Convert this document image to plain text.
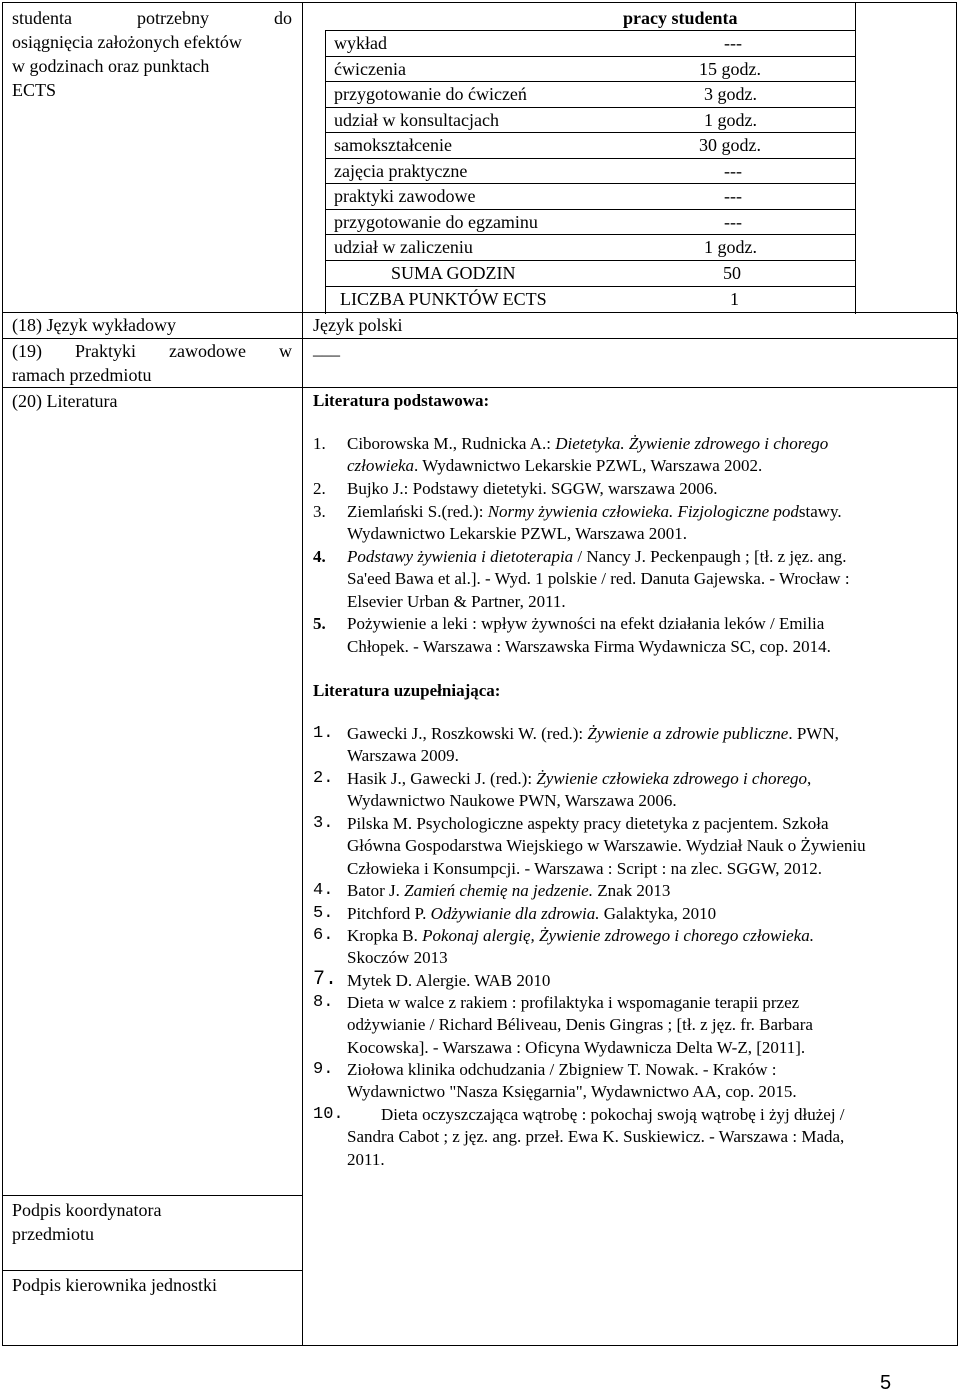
studenta	potrzebny	do
osiągnięcia założonych efektów
w godzinach oraz punktach
ECTS
pracy studenta
wykład	---
ćwiczenia	15 godz.
przygotowanie do ćwiczeń	3 godz.
udział w konsultacjach	1 godz.
samokształcenie	30 godz.
zajęcia praktyczne	---
praktyki zawodowe	---
przygotowanie do egzaminu	---
udział w zaliczeniu	1 godz.
SUMA GODZIN	50
LICZBA PUNKTÓW ECTS	1
(18) Język wykładowy	Język polski
(19) Praktyki zawodowe w
ramach przedmiotu
___
(20) Literatura	Literatura podstawowa:
1. Ciborowska M., Rudnicka A.: Dietetyka. Żywienie zdrowego i chorego
człowieka. Wydawnictwo Lekarskie PZWL, Warszawa 2002.
2. Bujko J.: Podstawy dietetyki. SGGW, warszawa 2006.
3. Ziemlański S.(red.): Normy żywienia człowieka. Fizjologiczne podstawy.
Wydawnictwo Lekarskie PZWL, Warszawa 2001.
4. Podstawy żywienia i dietoterapia / Nancy J. Peckenpaugh ; [tł. z jęz. ang.
Sa'eed Bawa et al.]. - Wyd. 1 polskie / red. Danuta Gajewska. - Wrocław :
Elsevier Urban & Partner, 2011.
5. Pożywienie a leki : wpływ żywności na efekt działania leków / Emilia
Chłopek. - Warszawa : Warszawska Firma Wydawnicza SC, cop. 2014.
Literatura uzupełniająca:
1. Gawecki J., Roszkowski W. (red.): Żywienie a zdrowie publiczne. PWN,
Warszawa 2009.
2. Hasik J., Gawecki J. (red.): Żywienie człowieka zdrowego i chorego,
Wydawnictwo Naukowe PWN, Warszawa 2006.
3. Pilska M. Psychologiczne aspekty pracy dietetyka z pacjentem. Szkoła
Główna Gospodarstwa Wiejskiego w Warszawie. Wydział Nauk o Żywieniu
Człowieka i Konsumpcji. - Warszawa : Script : na zlec. SGGW, 2012.
4. Bator J. Zamień chemię na jedzenie. Znak 2013
5. Pitchford P. Odżywianie dla zdrowia. Galaktyka, 2010
6. Kropka B. Pokonaj alergię, Żywienie zdrowego i chorego człowieka.
Skoczów 2013
7. Mytek D. Alergie. WAB 2010
8. Dieta w walce z rakiem : profilaktyka i wspomaganie terapii przez
odżywianie / Richard Béliveau, Denis Gingras ; [tł. z jęz. fr. Barbara
Kocowska]. - Warszawa : Oficyna Wydawnicza Delta W-Z, [2011].
9. Ziołowa klinika odchudzania / Zbigniew T. Nowak. - Kraków :
Wydawnictwo "Nasza Księgarnia", Wydawnictwo AA, cop. 2015.
10. Dieta oczyszczająca wątrobę : pokochaj swoją wątrobę i żyj dłużej /
Sandra Cabot ; z jęz. ang. przeł. Ewa K. Suskiewicz. - Warszawa : Mada,
2011.
Podpis koordynatora
przedmiotu
Podpis kierownika jednostki
5
